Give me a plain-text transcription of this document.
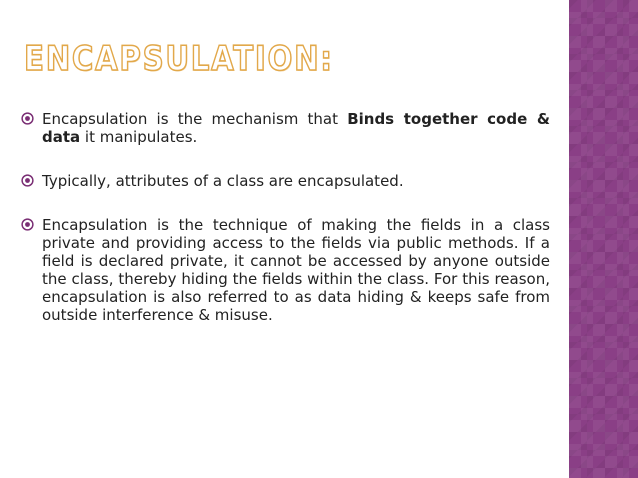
ENCAPSULATION:
Encapsulation is the mechanism that Binds together code & data it manipulates.
Typically, attributes of a class are encapsulated.
Encapsulation is the technique of making the fields in a class private and providing access to the fields via public methods. If a field is declared private, it cannot be accessed by anyone outside the class, thereby hiding the fields within the class. For this reason, encapsulation is also referred to as data hiding & keeps safe from outside interference & misuse.
